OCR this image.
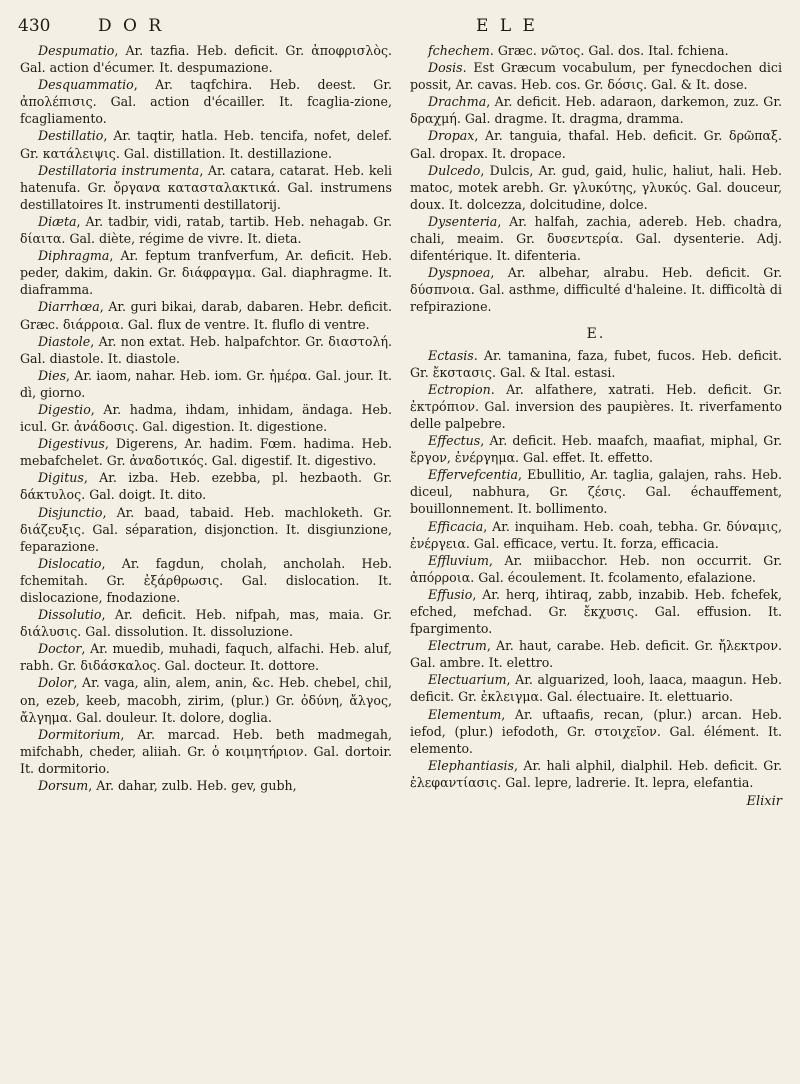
430	D O R	E L E

Despumatio, Ar. tazfia. Heb. deficit. Gr. ἀποφρισλὸς. Gal. action d'écumer. It. despumazione.

Desquammatio, Ar. taqfchira. Heb. deest. Gr. ἀπολέπισις. Gal. action d'écailler. It. fcaglia-zione, fcagliamento.

Destillatio, Ar. taqtir, hatla. Heb. tencifa, nofet, delef. Gr. κατάλειψις. Gal. distillation. It. destillazione.

Destillatoria instrumenta, Ar. catara, catarat. Heb. keli hatenufa. Gr. ὄργανα κατασταλακτικά. Gal. instrumens destillatoires It. instrumenti destillatorij.

Diæta, Ar. tadbir, vidi, ratab, tartib. Heb. nehagab. Gr. δίαιτα. Gal. diète, régime de vivre. It. dieta.

Diphragma, Ar. feptum tranfverfum, Ar. deficit. Heb. peder, dakim, dakin. Gr. διάφραγμα. Gal. diaphragme. It. diaframma.

Diarrhœa, Ar. guri bikai, darab, dabaren. Hebr. deficit. Græc. διάρροια. Gal. flux de ventre. It. fluflo di ventre.

Diastole, Ar. non extat. Heb. halpafchtor. Gr. διαστολή. Gal. diastole. It. diastole.

Dies, Ar. iaom, nahar. Heb. iom. Gr. ἡμέρα. Gal. jour. It. dì, giorno.

Digestio, Ar. hadma, ihdam, inhidam, ändaga. Heb. icul. Gr. ἀνάδοσις. Gal. digestion. It. digestione.

Digestivus, Digerens, Ar. hadim. Fœm. hadima. Heb. mebafchelet. Gr. ἀναδοτικός. Gal. digestif. It. digestivo.

Digitus, Ar. izba. Heb. ezebba, pl. hezbaoth. Gr. δάκτυλος. Gal. doigt. It. dito.

Disjunctio, Ar. baad, tabaid. Heb. machloketh. Gr. διάζευξις. Gal. séparation, disjonction. It. disgiunzione, feparazione.

Dislocatio, Ar. fagdun, cholah, ancholah. Heb. fchemitah. Gr. ἐξάρθρωσις. Gal. dislocation. It. dislocazione, fnodazione.

Dissolutio, Ar. deficit. Heb. nifpah, mas, maia. Gr. διάλυσις. Gal. dissolution. It. dissoluzione.

Doctor, Ar. muedib, muhadi, faquch, alfachi. Heb. aluf, rabh. Gr. διδάσκαλος. Gal. docteur. It. dottore.

Dolor, Ar. vaga, alin, alem, anin, &c. Heb. chebel, chil, on, ezeb, keeb, macobh, zirim, (plur.) Gr. ὀδύνη, ἄλγος, ἄλγημα. Gal. douleur. It. dolore, doglia.

Dormitorium, Ar. marcad. Heb. beth madmegah, mifchabh, cheder, aliiah. Gr. ὁ κοιμητήριον. Gal. dortoir. It. dormitorio.

Dorsum, Ar. dahar, zulb. Heb. gev, gubh,

fchechem. Græc. νῶτος. Gal. dos. Ital. fchiena.

Dosis. Est Græcum vocabulum, per fynecdochen dici possit, Ar. cavas. Heb. cos. Gr. δόσις. Gal. & It. dose.

Drachma, Ar. deficit. Heb. adaraon, darkemon, zuz. Gr. δραχμή. Gal. dragme. It. dragma, dramma.

Dropax, Ar. tanguia, thafal. Heb. deficit. Gr. δρῶπαξ. Gal. dropax. It. dropace.

Dulcedo, Dulcis, Ar. gud, gaid, hulic, haliut, hali. Heb. matoc, motek arebh. Gr. γλυκύτης, γλυκύς. Gal. douceur, doux. It. dolcezza, dolcitudine, dolce.

Dysenteria, Ar. halfah, zachia, adereb. Heb. chadra, chali, meaim. Gr. δυσεντερία. Gal. dysenterie. Adj. difentérique. It. difenteria.

Dyspnoea, Ar. albehar, alrabu. Heb. deficit. Gr. δύσπνοια. Gal. asthme, difficulté d'haleine. It. difficoltà di refpirazione.

E.

Ectasis. Ar. tamanina, faza, fubet, fucos. Heb. deficit. Gr. ἔκστασις. Gal. & Ital. estasi.

Ectropion. Ar. alfathere, xatrati. Heb. deficit. Gr. ἐκτρόπιον. Gal. inversion des paupières. It. riverfamento delle palpebre.

Effectus, Ar. deficit. Heb. maafch, maafiat, miphal, Gr. ἔργον, ἐνέργημα. Gal. effet. It. effetto.

Effervefcentia, Ebullitio, Ar. taglia, galajen, rahs. Heb. diceul, nabhura, Gr. ζέσις. Gal. échauffement, bouillonnement. It. bollimento.

Efficacia, Ar. inquiham. Heb. coah, tebha. Gr. δύναμις, ἐνέργεια. Gal. efficace, vertu. It. forza, efficacia.

Effluvium, Ar. miibacchor. Heb. non occurrit. Gr. ἀπόρροια. Gal. écoulement. It. fcolamento, efalazione.

Effusio, Ar. herq, ihtiraq, zabb, inzabib. Heb. fchefek, efched, mefchad. Gr. ἔκχυσις. Gal. effusion. It. fpargimento.

Electrum, Ar. haut, carabe. Heb. deficit. Gr. ἤλεκτρον. Gal. ambre. It. elettro.

Electuarium, Ar. alguarized, looh, laaca, maagun. Heb. deficit. Gr. ἐκλειγμα. Gal. électuaire. It. elettuario.

Elementum, Ar. uftaafis, recan, (plur.) arcan. Heb. iefod, (plur.) iefodoth, Gr. στοιχεῖον. Gal. élément. It. elemento.

Elephantiasis, Ar. hali alphil, dialphil. Heb. deficit. Gr. ἐλεφαντίασις. Gal. lepre, ladrerie. It. lepra, elefantia.

Elixir
